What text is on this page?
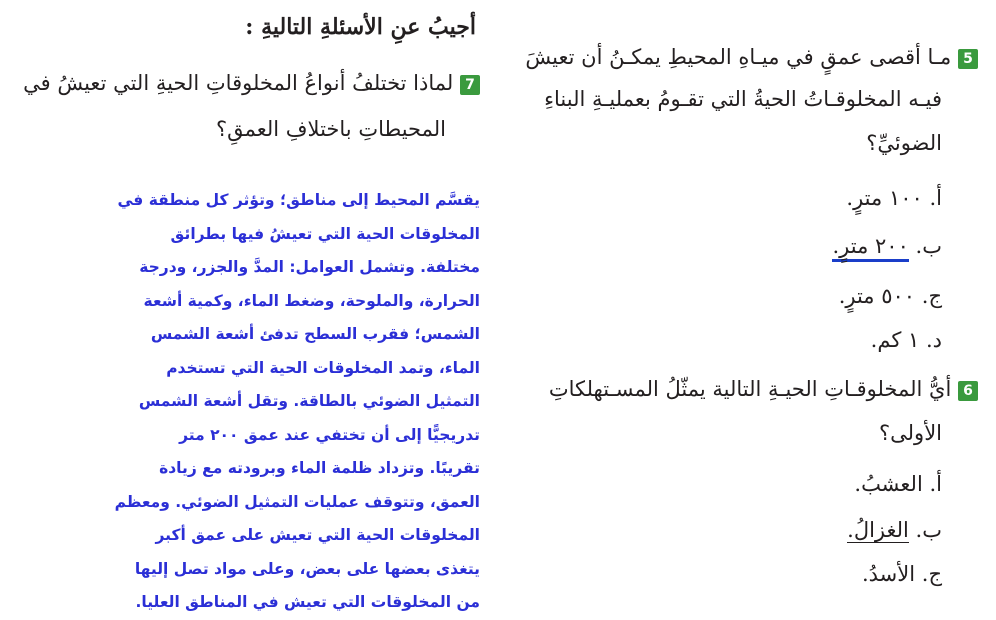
5 مـا أقصى عمقٍ في ميـاهِ المحيطِ يمكـنُ أن تعيشَ
فيـه المخلوقـاتُ الحيةُ التي تقـومُ بعمليـةِ البناءِ
الضوئيِّ؟
أ. ١٠٠ مترٍ.
ب. ٢٠٠ مترٍ.
ج. ٥٠٠ مترٍ.
د. ١ كم.
6 أيُّ المخلوقـاتِ الحيـةِ التالية يمثّلُ المسـتهلكاتِ
الأولى؟
أ. العشبُ.
ب. الغزالُ.
ج. الأسدُ.
أجيبُ عنِ الأسئلةِ التاليةِ :
7 لماذا تختلفُ أنواعُ المخلوقاتِ الحيةِ التي تعيشُ في
المحيطاتِ باختلافِ العمقِ؟
يقسَّم المحيط إلى مناطق؛ وتؤثر كل منطقة في
المخلوقات الحية التي تعيشُ فيها بطرائق
مختلفة. وتشمل العوامل: المدَّ والجزر، ودرجة
الحرارة، والملوحة، وضغط الماء، وكمية أشعة
الشمس؛ فقرب السطح تدفئ أشعة الشمس
الماء، وتمد المخلوقات الحية التي تستخدم
التمثيل الضوئي بالطاقة. وتقل أشعة الشمس
تدريجيًّا إلى أن تختفي عند عمق ٢٠٠ متر
تقريبًا. وتزداد ظلمة الماء وبرودته مع زيادة
العمق، وتتوقف عمليات التمثيل الضوئي. ومعظم
المخلوقات الحية التي تعيش على عمق أكبر
يتغذى بعضها على بعض، وعلى مواد تصل إليها
من المخلوقات التي تعيش في المناطق العليا.
